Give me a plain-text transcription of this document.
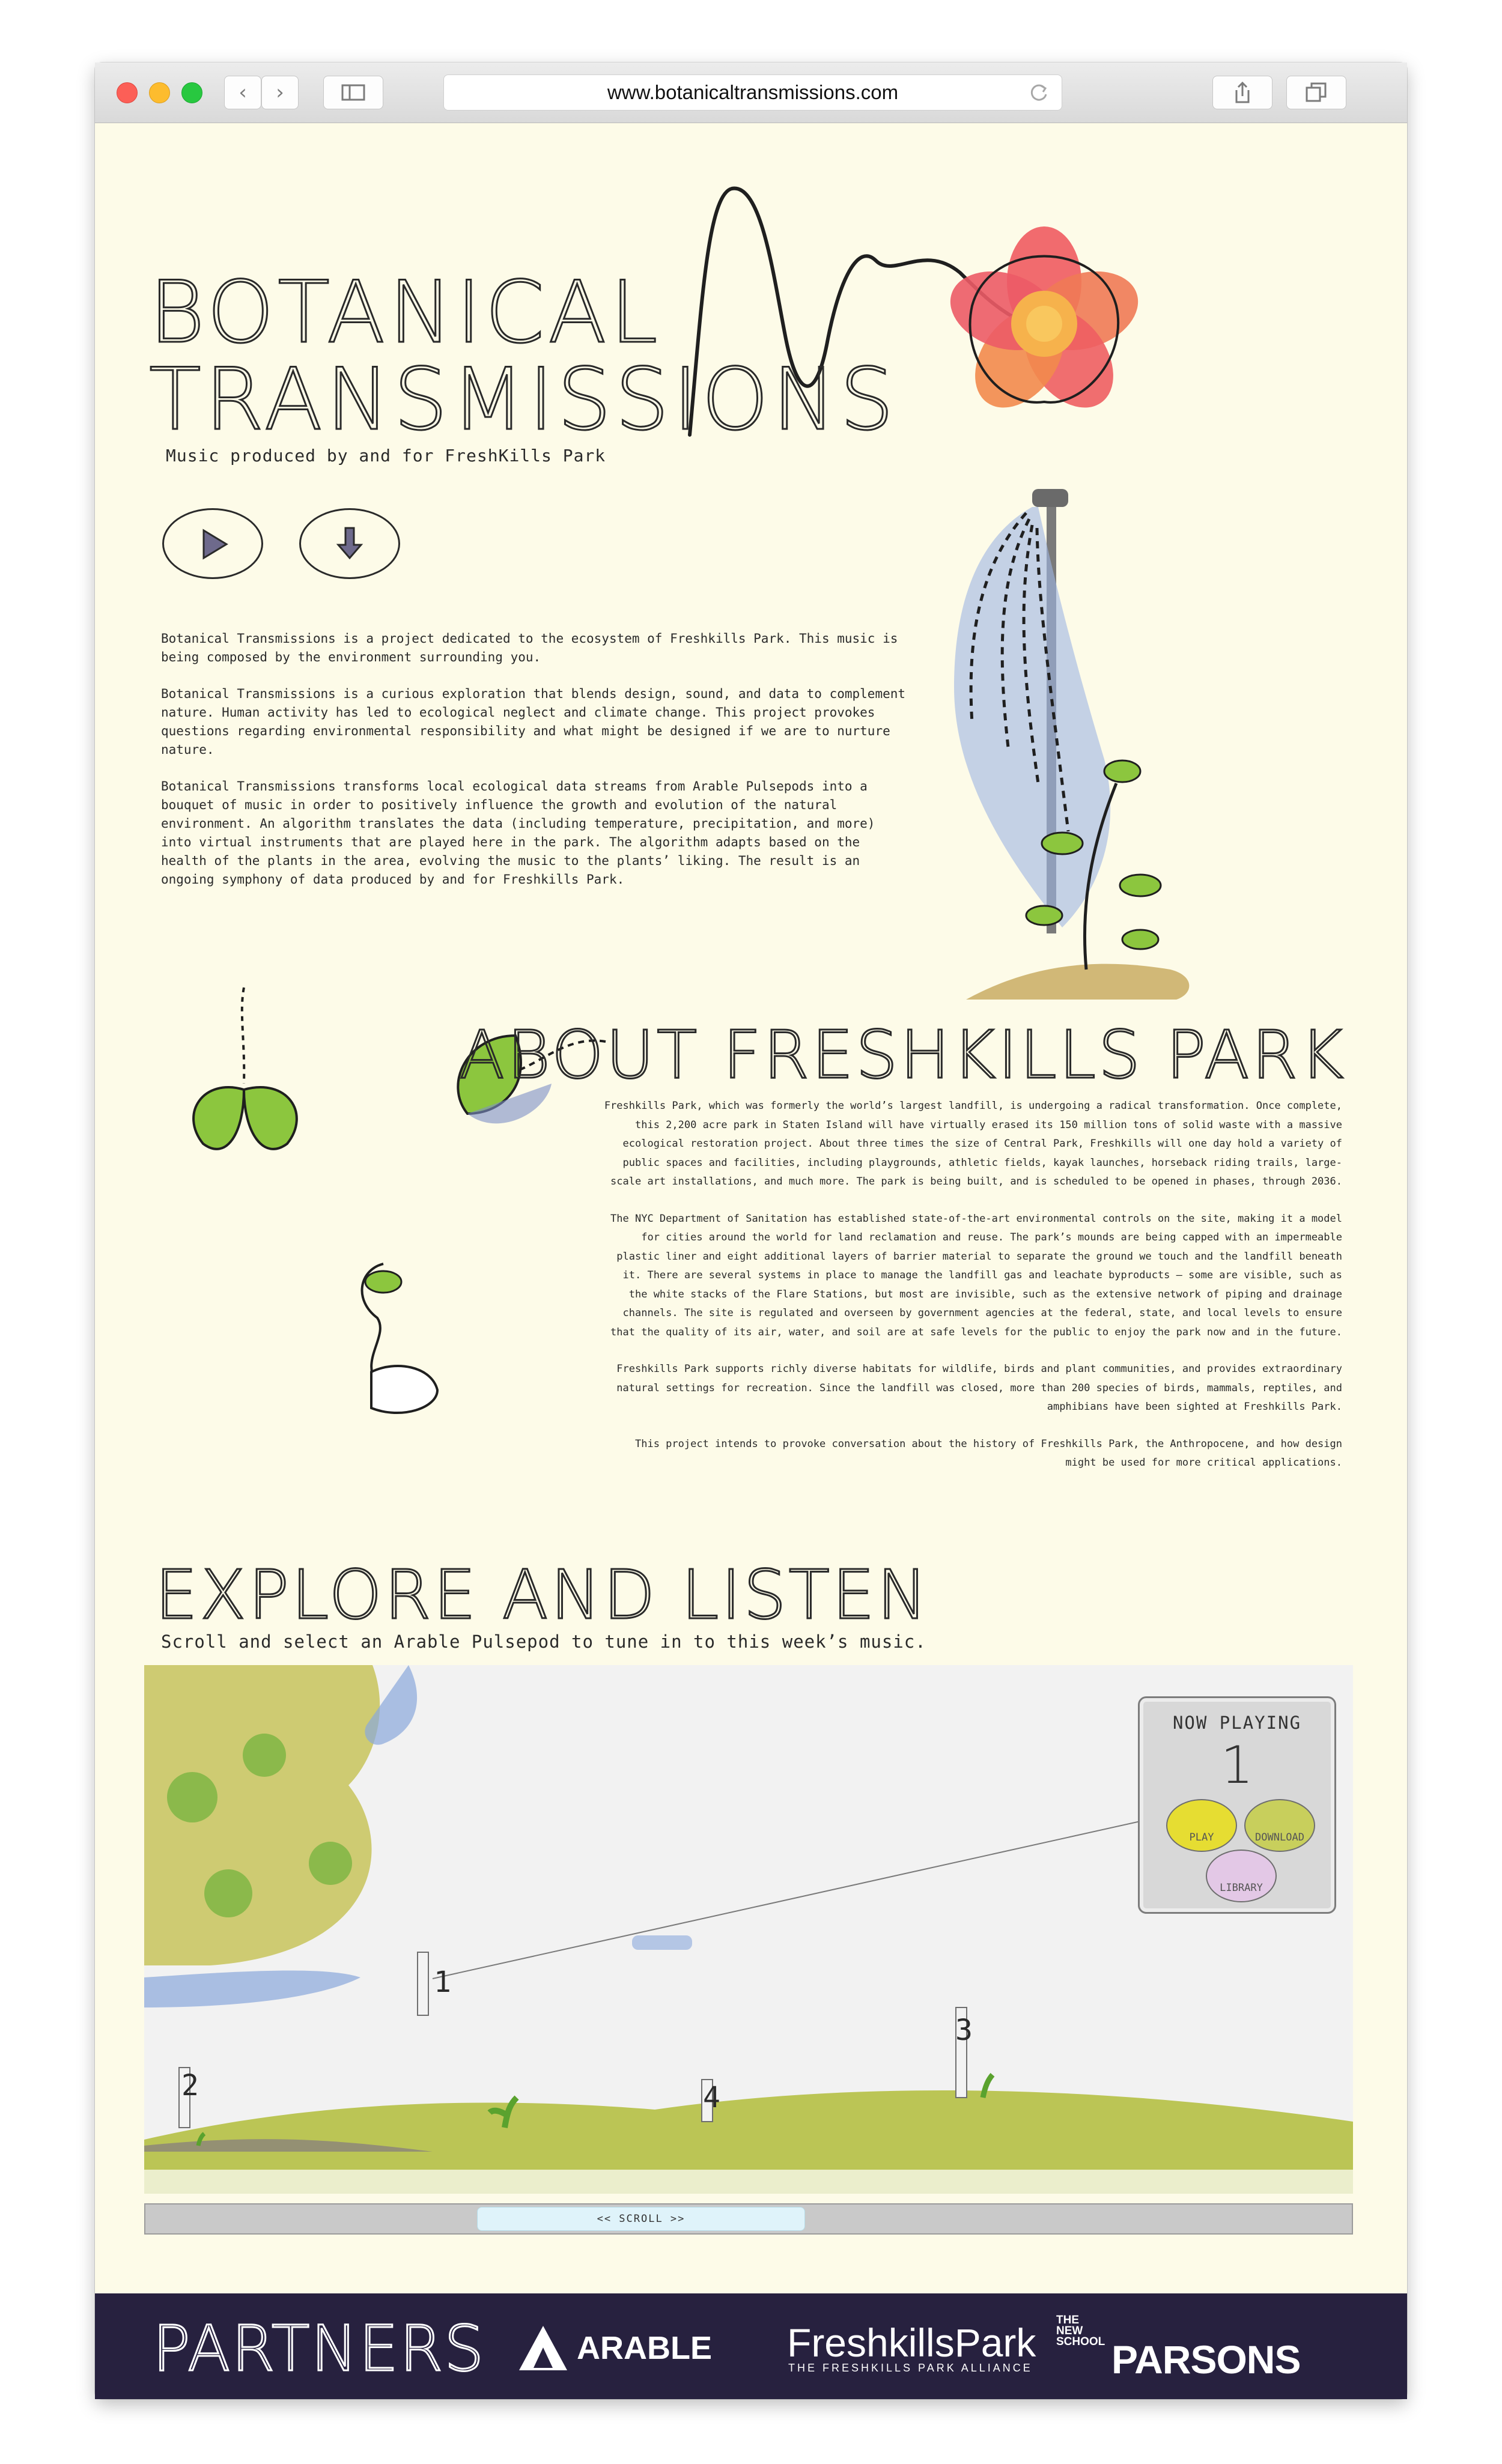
‹ ›	www.botanicaltransmissions.com
BOTANICAL
TRANSMISSIONS
Music produced by and for FreshKills Park

Botanical Transmissions is a project dedicated to the ecosystem of Freshkills Park. This music is being composed by the environment surrounding you.

Botanical Transmissions is a curious exploration that blends design, sound, and data to complement nature. Human activity has led to ecological neglect and climate change. This project provokes questions regarding environmental responsibility and what might be designed if we are to nurture nature.

Botanical Transmissions transforms local ecological data streams from Arable Pulsepods into a bouquet of music in order to positively influence the growth and evolution of the natural environment. An algorithm translates the data (including temperature, precipitation, and more) into virtual instruments that are played here in the park. The algorithm adapts based on the health of the plants in the area, evolving the music to the plants’ liking. The result is an ongoing symphony of data produced by and for Freshkills Park.

ABOUT FRESHKILLS PARK

Freshkills Park, which was formerly the world’s largest landfill, is undergoing a radical transformation. Once complete, this 2,200 acre park in Staten Island will have virtually erased its 150 million tons of solid waste with a massive ecological restoration project. About three times the size of Central Park, Freshkills will one day hold a variety of public spaces and facilities, including playgrounds, athletic fields, kayak launches, horseback riding trails, large-scale art installations, and much more. The park is being built, and is scheduled to be opened in phases, through 2036.

The NYC Department of Sanitation has established state-of-the-art environmental controls on the site, making it a model for cities around the world for land reclamation and reuse. The park’s mounds are being capped with an impermeable plastic liner and eight additional layers of barrier material to separate the ground we touch and the landfill beneath it. There are several systems in place to manage the landfill gas and leachate byproducts — some are visible, such as the white stacks of the Flare Stations, but most are invisible, such as the extensive network of piping and drainage channels. The site is regulated and overseen by government agencies at the federal, state, and local levels to ensure that the quality of its air, water, and soil are at safe levels for the public to enjoy the park now and in the future.

Freshkills Park supports richly diverse habitats for wildlife, birds and plant communities, and provides extraordinary natural settings for recreation. Since the landfill was closed, more than 200 species of birds, mammals, reptiles, and amphibians have been sighted at Freshkills Park.

This project intends to provoke conversation about the history of Freshkills Park, the Anthropocene, and how design might be used for more critical applications.

EXPLORE AND LISTEN
Scroll and select an Arable Pulsepod to tune in to this week’s music.
1
2
3
4
NOW PLAYING
1
PLAY	DOWNLOAD
LIBRARY
<< SCROLL >>
PARTNERS	ARABLE FreshkillsPark
THE FRESHKILLS PARK ALLIANCE
THE
NEW
SCHOOL PARSONS
